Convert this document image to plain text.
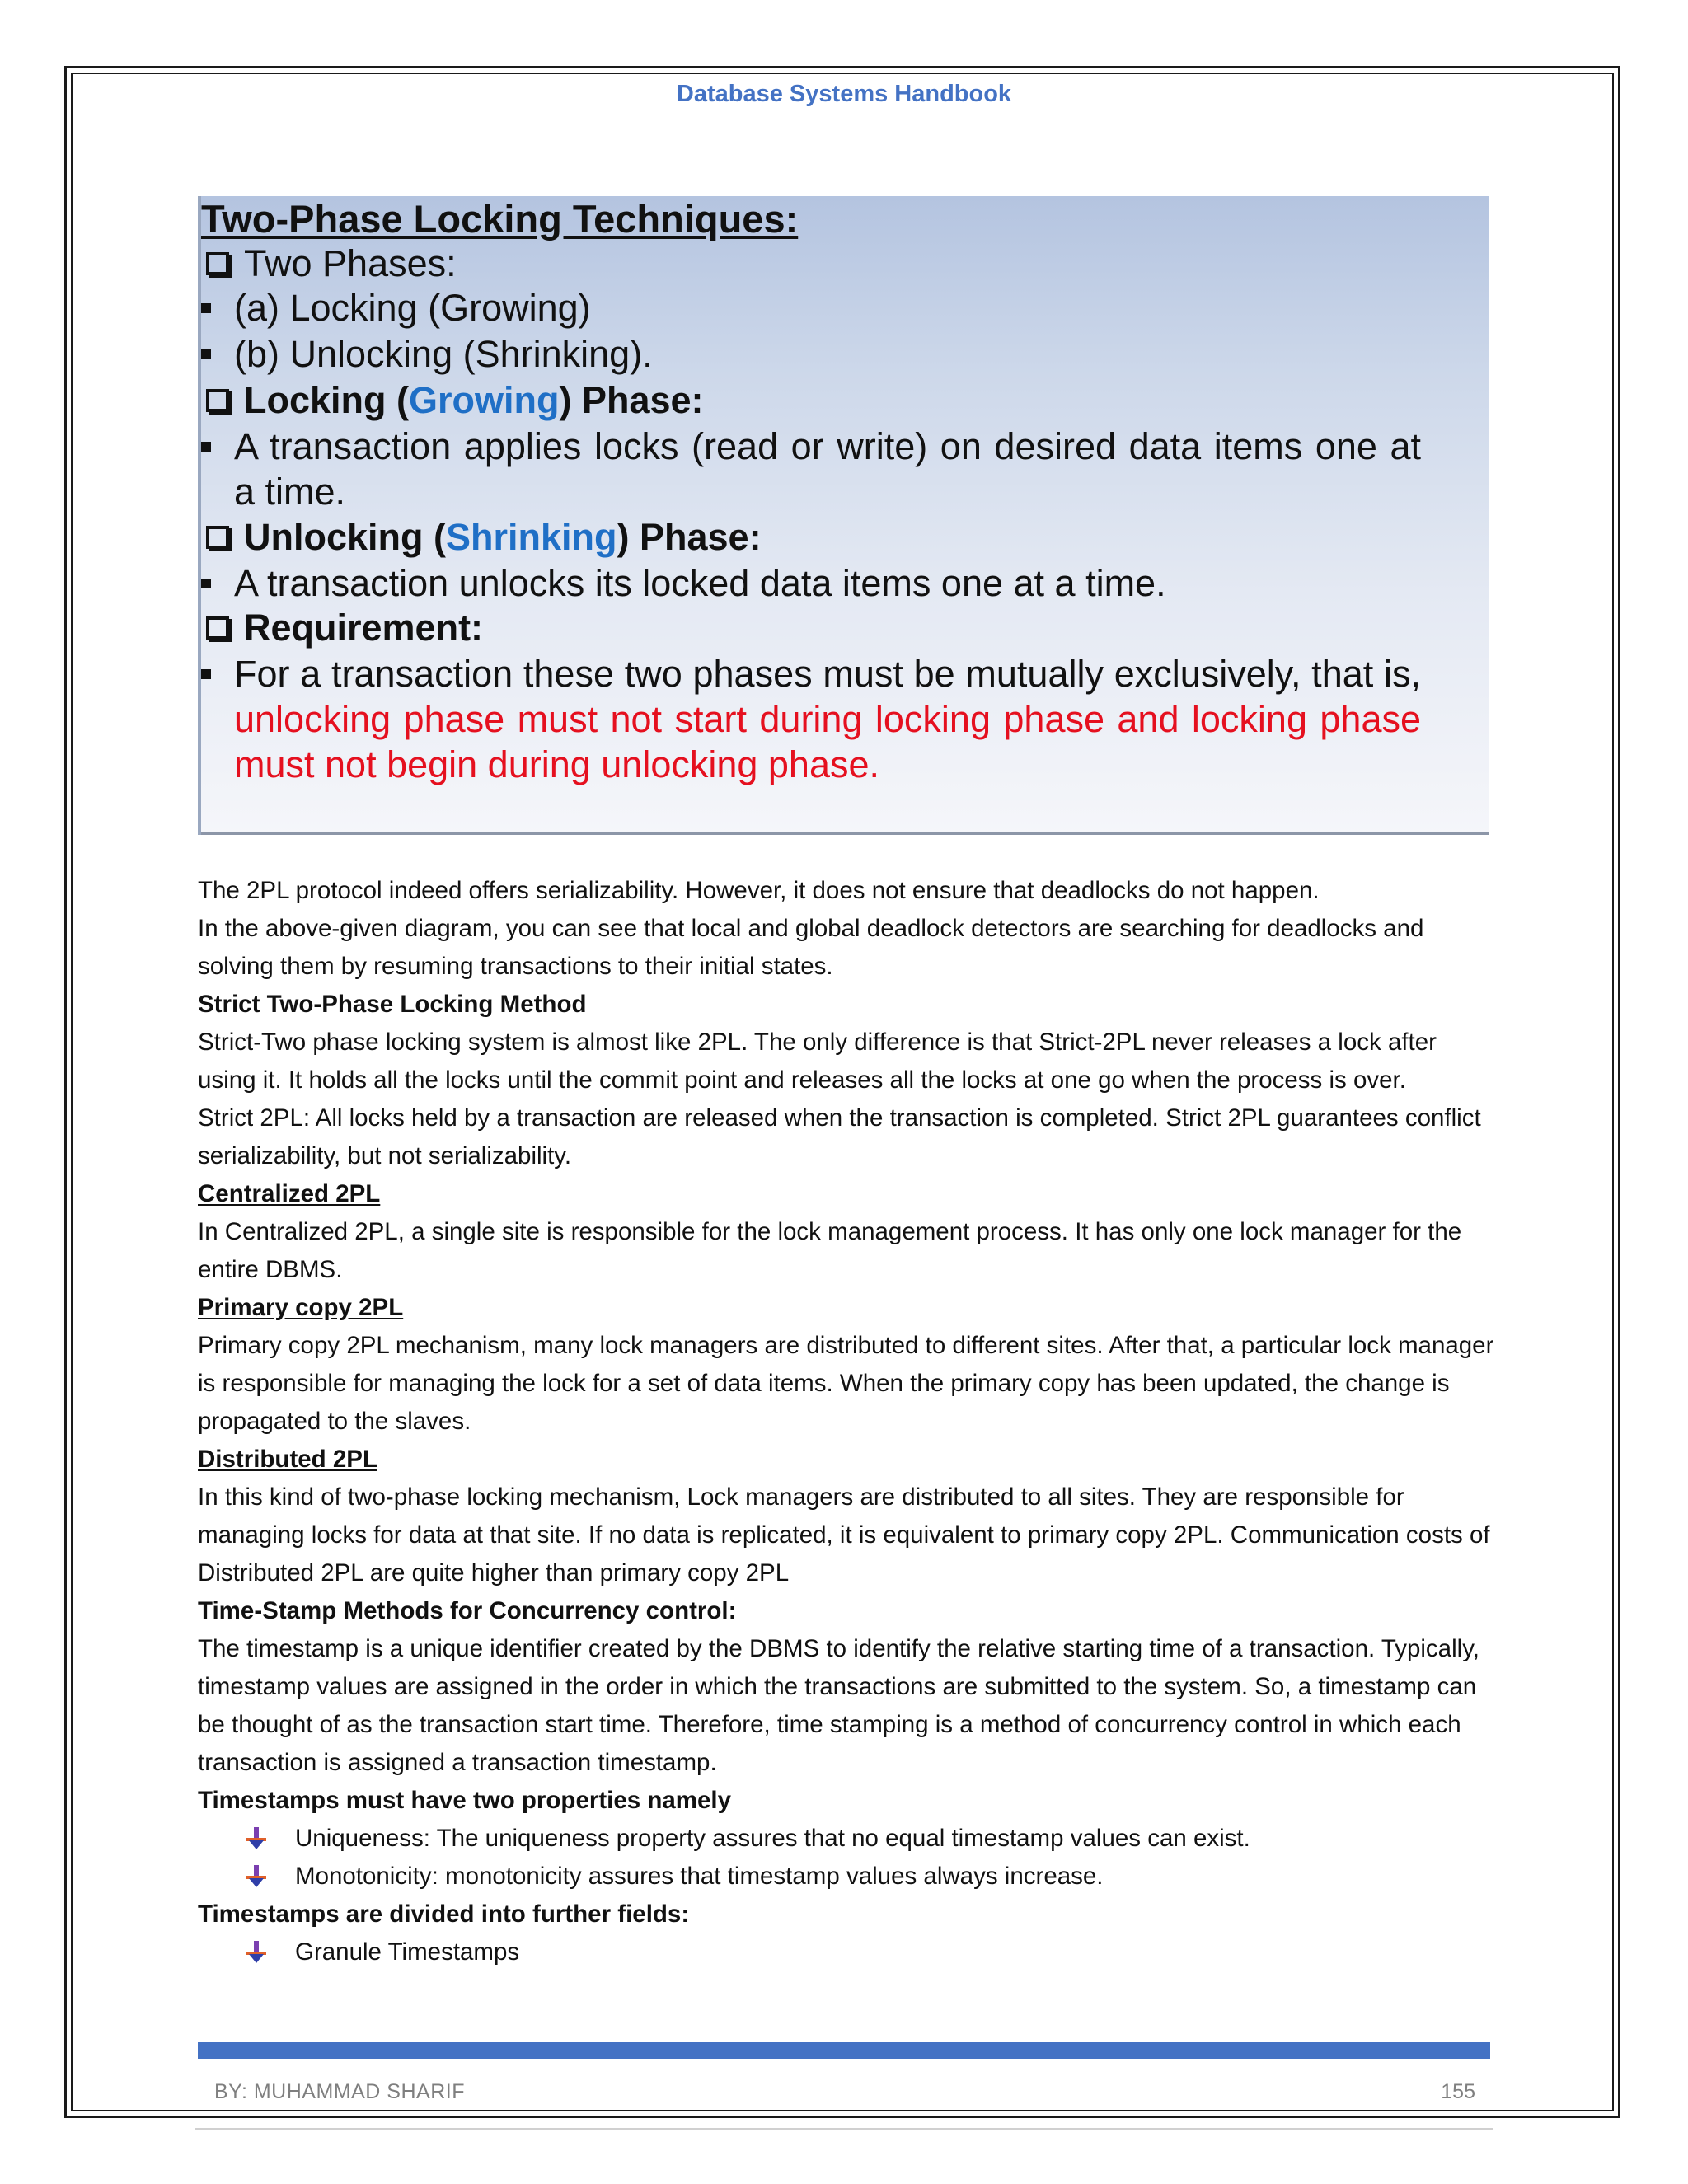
Database Systems Handbook
Two-Phase Locking Techniques:
Two Phases:
(a) Locking (Growing)
(b) Unlocking (Shrinking).
Locking ( Growing ) Phase:
A transaction applies locks (read or write) on desired data items one at a time.
Unlocking ( Shrinking ) Phase:
A transaction unlocks its locked data items one at a time.
Requirement:
For a transaction these two phases must be mutually exclusively, that is, unlocking phase must not start during locking phase and locking phase must not begin during unlocking phase.

The 2PL protocol indeed offers serializability. However, it does not ensure that deadlocks do not happen.

In the above-given diagram, you can see that local and global deadlock detectors are searching for deadlocks and solving them by resuming transactions to their initial states.

Strict Two-Phase Locking Method

Strict-Two phase locking system is almost like 2PL. The only difference is that Strict-2PL never releases a lock after using it. It holds all the locks until the commit point and releases all the locks at one go when the process is over.

Strict 2PL: All locks held by a transaction are released when the transaction is completed. Strict 2PL guarantees conflict serializability, but not serializability.

Centralized 2PL

In Centralized 2PL, a single site is responsible for the lock management process. It has only one lock manager for the entire DBMS.

Primary copy 2PL

Primary copy 2PL mechanism, many lock managers are distributed to different sites. After that, a particular lock manager is responsible for managing the lock for a set of data items. When the primary copy has been updated, the change is propagated to the slaves.

Distributed 2PL

In this kind of two-phase locking mechanism, Lock managers are distributed to all sites. They are responsible for managing locks for data at that site. If no data is replicated, it is equivalent to primary copy 2PL. Communication costs of Distributed 2PL are quite higher than primary copy 2PL

Time-Stamp Methods for Concurrency control:

The timestamp is a unique identifier created by the DBMS to identify the relative starting time of a transaction. Typically, timestamp values are assigned in the order in which the transactions are submitted to the system. So, a timestamp can be thought of as the transaction start time. Therefore, time stamping is a method of concurrency control in which each transaction is assigned a transaction timestamp.

Timestamps must have two properties namely

Uniqueness: The uniqueness property assures that no equal timestamp values can exist.
Monotonicity: monotonicity assures that timestamp values always increase.

Timestamps are divided into further fields:

Granule Timestamps
BY: MUHAMMAD SHARIF	155
